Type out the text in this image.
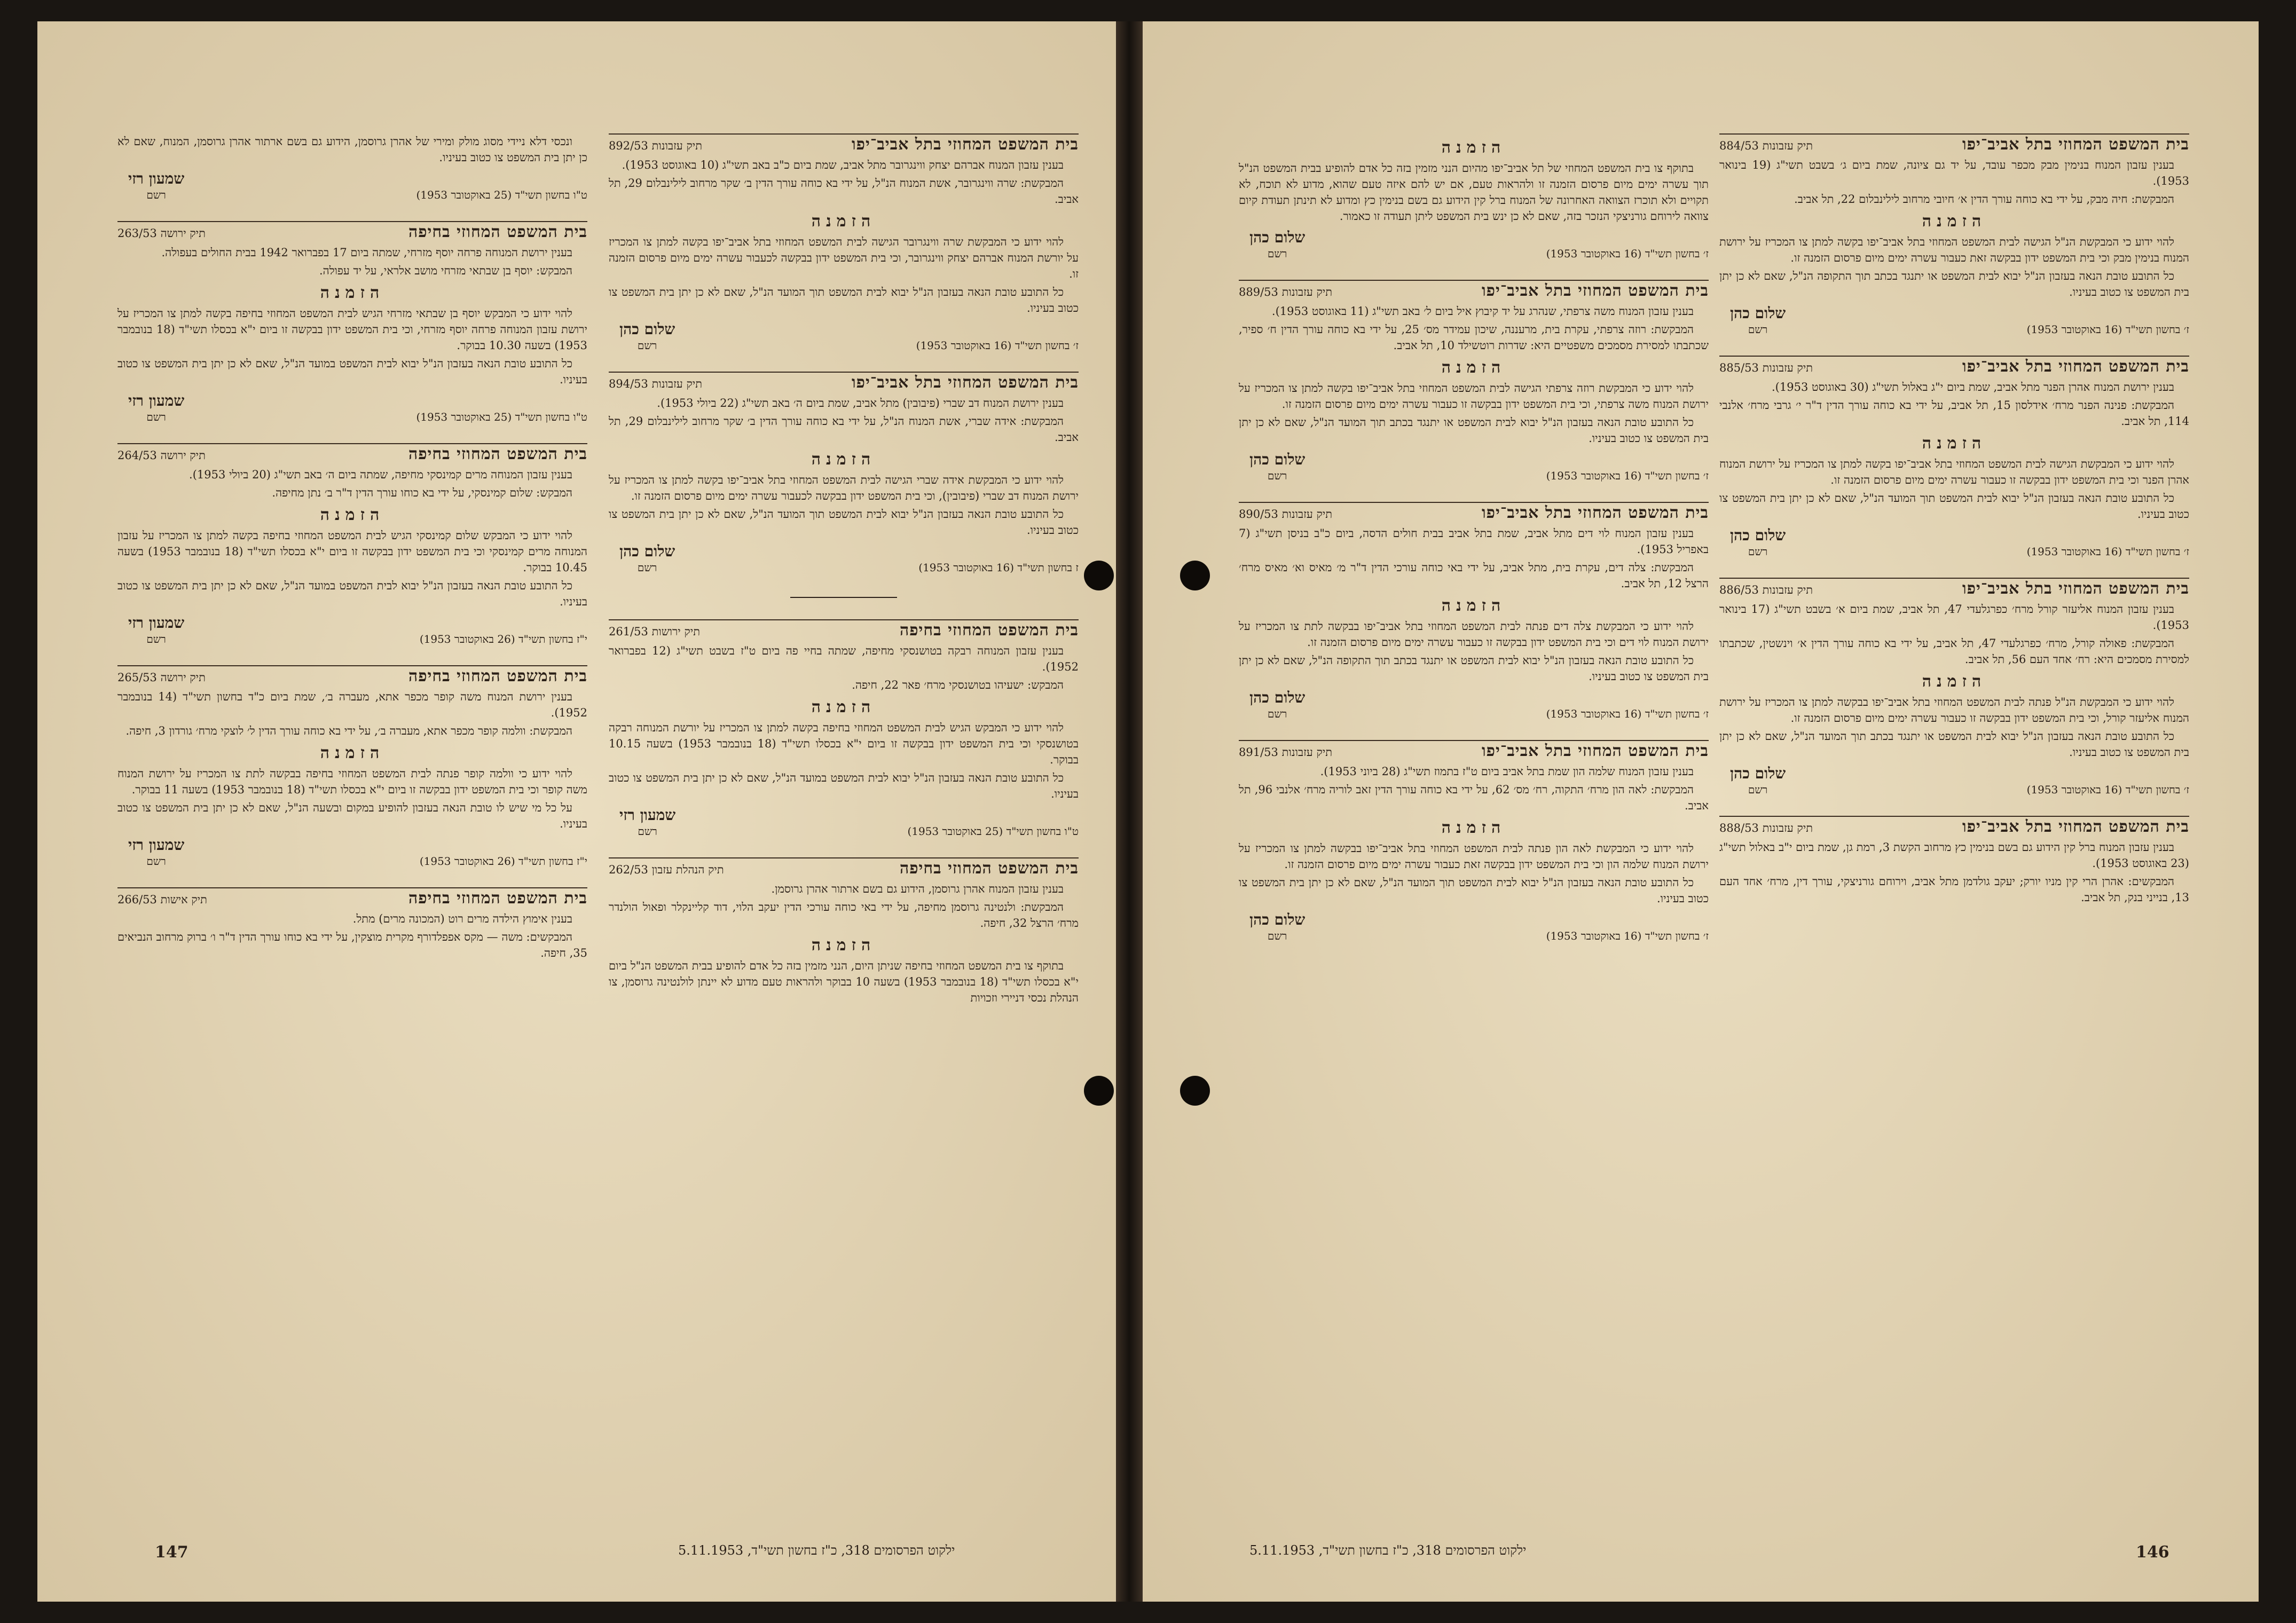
בית המשפט המחוזי בתל אביב־יפו
תיק עזבונות 892/53

בענין עזבון המנוח אברהם יצחק ווינגרובר מתל אביב, שמת ביום כ"ב באב תשי"ג (10 באוגוסט 1953).

המבקשת: שרה ווינגרובר, אשת המנוח הנ"ל, על ידי בא כוחה עורך הדין ב׳ שקר מרחוב לילינבלום 29, תל אביב.

הזמנה

להוי ידוע כי המבקשת שרה ווינגרובר הגישה לבית המשפט המחוזי בתל אביב־יפו בקשה למתן צו המכריז על יורשת המנוח אברהם יצחק ווינגרובר, וכי בית המשפט ידון בבקשה לכעבור עשרה ימים מיום פרסום הזמנה זו.

כל התובע טובת הנאה בעזבון הנ"ל יבוא לבית המשפט תוך המועד הנ"ל, שאם לא כן יתן בית המשפט צו כטוב בעיניו.

ז׳ בחשון תשי"ד (16 באוקטובר 1953)
שלום כהן
רשם
בית המשפט המחוזי בתל אביב־יפו
תיק עזבונות 894/53

בענין ירושת המנוח דב שברי (פיבובין) מתל אביב, שמת ביום ה׳ באב תשי"ג (22 ביולי 1953).

המבקשת: אידה שברי, אשת המנוח הנ"ל, על ידי בא כוחה עורך הדין ב׳ שקר מרחוב לילינבלום 29, תל אביב.

הזמנה

להוי ידוע כי המבקשת אידה שברי הגישה לבית המשפט המחוזי בתל אביב־יפו בקשה למתן צו המכריז על ירושת המנוח דב שברי (פיבובין), וכי בית המשפט ידון בבקשה לכעבור עשרה ימים מיום פרסום הזמנה זו.

כל התובע טובת הנאה בעזבון הנ"ל יבוא לבית המשפט תוך המועד הנ"ל, שאם לא כן יתן בית המשפט צו כטוב בעיניו.

ז בחשון תשי"ד (16 באוקטובר 1953)
שלום כהן
רשם
בית המשפט המחוזי בחיפה
תיק ירושות 261/53

בענין עזבון המנוחה רבקה בטושנסקי מחיפה, שמתה בחיי פה ביום ט"ז בשבט תשי"ג (12 בפברואר 1952).

המבקש: ישעיהו בטושנסקי מרח׳ פאר 22, חיפה.

הזמנה

להוי ידוע כי המבקש הגיש לבית המשפט המחוזי בחיפה בקשה למתן צו המכריז על יורשת המנוחה רבקה בטושנסקי וכי בית המשפט ידון בבקשה זו ביום י"א בכסלו תשי"ד (18 בנובמבר 1953) בשעה 10.15 בבוקר.

כל התובע טובת הנאה בעזבון הנ"ל יבוא לבית המשפט במועד הנ"ל, שאם לא כן יתן בית המשפט צו כטוב בעיניו.

ט"ו בחשון תשי"ד (25 באוקטובר 1953)
שמעון רזי
רשם
בית המשפט המחוזי בחיפה
תיק הנהלת עזבון 262/53

בענין עזבון המנוח אהרן גרוסמן, הידוע גם בשם ארתור אהרן גרוסמן.

המבקשת: ולנטינה גרוסמן מחיפה, על ידי באי כוחה עורכי הדין יעקב הלוי, דוד קליינקלר ופאול הולנדר מרח׳ הרצל 32, חיפה.

הזמנה

בתוקף צו בית המשפט המחוזי בחיפה שניתן היום, הנני מזמין בזה כל אדם להופיע בבית המשפט הנ"ל ביום י"א בכסלו תשי"ד (18 בנובמבר 1953) בשעה 10 בבוקר ולהראות טעם מדוע לא יינתן לולנטינה גרוסמן, צו הנהלת נכסי דניירי וזכויות

ונכסי דלא ניידי מסוג מולק ומירי של אהרן גרוסמן, הידוע גם בשם ארתור אהרן גרוסמן, המנוח, שאם לא כן יתן בית המשפט צו כטוב בעיניו.

ט"ו בחשון תשי"ד (25 באוקטובר 1953)
שמעון רזי
רשם
בית המשפט המחוזי בחיפה
תיק ירושה 263/53

בענין ירושת המנוחה פרחה יוסף מזרחי, שמתה ביום 17 בפברואר 1942 בבית החולים בעפולה.

המבקש: יוסף בן שבתאי מזרחי מושב אלראי, על יד עפולה.

הזמנה

להוי ידוע כי המבקש יוסף בן שבתאי מזרחי הגיש לבית המשפט המחוזי בחיפה בקשה למתן צו המכריז על ירושת עזבון המנוחה פרחה יוסף מזרחי, וכי בית המשפט ידון בבקשה זו ביום י"א בכסלו תשי"ד (18 בנובמבר 1953) בשעה 10.30 בבוקר.

כל התובע טובת הנאה בעזבון הנ"ל יבוא לבית המשפט במועד הנ"ל, שאם לא כן יתן בית המשפט צו כטוב בעיניו.

ט"ו בחשון תשי"ד (25 באוקטובר 1953)
שמעון רזי
רשם
בית המשפט המחוזי בחיפה
תיק ירושה 264/53

בענין עזבון המנוחה מרים קמינסקי מחיפה, שמתה ביום ה׳ באב תשי"ג (20 ביולי 1953).

המבקש: שלום קמינסקי, על ידי בא כוחו עורך הדין ד"ר ב׳ נתן מחיפה.

הזמנה

להוי ידוע כי המבקש שלום קמינסקי הגיש לבית המשפט המחוזי בחיפה בקשה למתן צו המכריז על עזבון המנוחה מרים קמינסקי וכי בית המשפט ידון בבקשה זו ביום י"א בכסלו תשי"ד (18 בנובמבר 1953) בשעה 10.45 בבוקר.

כל התובע טובת הנאה בעזבון הנ"ל יבוא לבית המשפט במועד הנ"ל, שאם לא כן יתן בית המשפט צו כטוב בעיניו.

י"ז בחשון תשי"ד (26 באוקטובר 1953)
שמעון רזי
רשם
בית המשפט המחוזי בחיפה
תיק ירושה 265/53

בענין ירושת המנוח משה קופר מכפר אתא, מעברה ב׳, שמת ביום כ"ד בחשון תשי"ד (14 בנובמבר 1952).

המבקשת: וולמה קופר מכפר אתא, מעברה ב׳, על ידי בא כוחה עורך הדין ל׳ לוצקי מרח׳ גורדון 3, חיפה.

הזמנה

להוי ידוע כי וולמה קופר פנתה לבית המשפט המחוזי בחיפה בבקשה לתת צו המכריז על ירושת המנוח משה קופר וכי בית המשפט ידון בבקשה זו ביום י"א בכסלו תשי"ד (18 בנובמבר 1953) בשעה 11 בבוקר.

על כל מי שיש לו טובת הנאה בעזבון להופיע במקום ובשעה הנ"ל, שאם לא כן יתן בית המשפט צו כטוב בעיניו.

י"ז בחשון תשי"ד (26 באוקטובר 1953)
שמעון רזי
רשם
בית המשפט המחוזי בחיפה
תיק אישות 266/53

בענין אימוץ הילדה מרים רוט (המכונה מרים) מתל.

המבקשים: משה — מקס אפפלדורף מקרית מוצקין, על ידי בא כוחו עורך הדין ד"ר ו׳ ברוק מרחוב הנביאים 35, חיפה.

147	ילקוט הפרסומים 318, כ"ז בחשון תשי"ד, 5.11.1953
בית המשפט המחוזי בתל אביב־יפו
תיק עזבונות 884/53

בענין עזבון המנוח בנימין מבק מכפר עובד, על יד גם ציונה, שמת ביום ג׳ בשבט תשי"ג (19 בינואר 1953).

המבקשת: חיה מבק, על ידי בא כוחה עורך הדין א׳ חיובי מרחוב לילינבלום 22, תל אביב.

הזמנה

להוי ידוע כי המבקשת הנ"ל הגישה לבית המשפט המחוזי בתל אביב־יפו בקשה למתן צו המכריז על ירושת המנוח בנימין מבק וכי בית המשפט ידון בבקשה זאת כעבור עשרה ימים מיום פרסום הזמנה זו.

כל התובע טובת הנאה בעזבון הנ"ל יבוא לבית המשפט או יתנגד בכתב תוך התקופה הנ"ל, שאם לא כן יתן בית המשפט צו כטוב בעיניו.

ז׳ בחשון תשי"ד (16 באוקטובר 1953)
שלום כהן
רשם
בית המשפט המחוזי בתל אביב־יפו
תיק עזבונות 885/53

בענין ירושת המנוח אהרן הפנר מתל אביב, שמת ביום י"ג באלול תשי"ג (30 באוגוסט 1953).

המבקשת: פנינה הפנר מרח׳ אידלסון 15, תל אביב, על ידי בא כוחה עורך הדין ד"ר י׳ גרבי מרח׳ אלנבי 114, תל אביב.

הזמנה

להוי ידוע כי המבקשת הגישה לבית המשפט המחוזי בתל אביב־יפו בקשה למתן צו המכריז על ירושת המנוח אהרן הפנר וכי בית המשפט ידון בבקשה זו כעבור עשרה ימים מיום פרסום הזמנה זו.

כל התובע טובת הנאה בעזבון הנ"ל יבוא לבית המשפט תוך המועד הנ"ל, שאם לא כן יתן בית המשפט צו כטוב בעיניו.

ז׳ בחשון תשי"ד (16 באוקטובר 1953)
שלום כהן
רשם
בית המשפט המחוזי בתל אביב־יפו
תיק עזבונות 886/53

בענין עזבון המנוח אליעזר קורל מרח׳ כפרגלעדי 47, תל אביב, שמת ביום א׳ בשבט תשי"ג (17 בינואר 1953).

המבקשת: פאולה קורל, מרח׳ כפרגלעדי 47, תל אביב, על ידי בא כוחה עורך הדין א׳ וינשטין, שכתבתו למסירת מסמכים היא: רח׳ אחד העם 56, תל אביב.

הזמנה

להוי ידוע כי המבקשת הנ"ל פנתה לבית המשפט המחוזי בתל אביב־יפו בבקשה למתן צו המכריז על ירושת המנוח אליעזר קורל, וכי בית המשפט ידון בבקשה זו כעבור עשרה ימים מיום פרסום הזמנה זו.

כל התובע טובת הנאה בעזבון הנ"ל יבוא לבית המשפט או יתנגד בכתב תוך המועד הנ"ל, שאם לא כן יתן בית המשפט צו כטוב בעיניו.

ז׳ בחשון תשי"ד (16 באוקטובר 1953)
שלום כהן
רשם
בית המשפט המחוזי בתל אביב־יפו
תיק עזבונות 888/53

בענין עזבון המנוח ברל קין הידוע גם בשם בנימין כץ מרחוב הקשת 3, רמת גן, שמת ביום י"ב באלול תשי"ג (23 באוגוסט 1953).

המבקשים: אהרן הרי קין מניו יורק; יעקב גולדמן מתל אביב, וירוחם גורניצקי, עורך דין, מרח׳ אחד העם 13, בנייני בנק, תל אביב.

הזמנה

בתוקף צו בית המשפט המחוזי של תל אביב־יפו מהיום הנני מזמין בזה כל אדם להופיע בבית המשפט הנ"ל תוך עשרה ימים מיום פרסום הזמנה זו ולהראות טעם, אם יש להם איזה טעם שהוא, מדוע לא תוכח, לא תקויים ולא תוכרז הצוואה האחרונה של המנוח ברל קין הידוע גם בשם בנימין כץ ומדוע לא תינתן תעודת קיום צוואה לירוחם גורניצקי הנזכר בזה, שאם לא כן ינש בית המשפט ליתן תעודה זו כאמור.

ז׳ בחשון תשי"ד (16 באוקטובר 1953)
שלום כהן
רשם
בית המשפט המחוזי בתל אביב־יפו
תיק עזבונות 889/53

בענין עזבון המנוח משה צרפתי, שנהרג על יד קיבוץ איל ביום ל׳ באב תשי"ג (11 באוגוסט 1953).

המבקשת: רוזה צרפתי, עקרת בית, מרעננה, שיכון עמידר מס׳ 25, על ידי בא כוחה עורך הדין ח׳ ספיר, שכתבתו למסירת מסמכים משפטיים היא: שדרות רוטשילד 10, תל אביב.

הזמנה

להוי ידוע כי המבקשת רוזה צרפתי הגישה לבית המשפט המחוזי בתל אביב־יפו בקשה למתן צו המכריז על ירושת המנוח משה צרפתי, וכי בית המשפט ידון בבקשה זו כעבור עשרה ימים מיום פרסום הזמנה זו.

כל התובע טובת הנאה בעזבון הנ"ל יבוא לבית המשפט או יתנגד בכתב תוך המועד הנ"ל, שאם לא כן יתן בית המשפט צו כטוב בעיניו.

ז׳ בחשון תשי"ד (16 באוקטובר 1953)
שלום כהן
רשם
בית המשפט המחוזי בתל אביב־יפו
תיק עזבונות 890/53

בענין עזבון המנוח לוי דים מתל אביב, שמת בתל אביב בבית חולים הדסה, ביום כ"ב בניסן תשי"ג (7 באפריל 1953).

המבקשת: צלה דים, עקרת בית, מתל אביב, על ידי באי כוחה עורכי הדין ד"ר מ׳ מאיס וא׳ מאיס מרח׳ הרצל 12, תל אביב.

הזמנה

להוי ידוע כי המבקשת צלה דים פנתה לבית המשפט המחוזי בתל אביב־יפו בבקשה לתת צו המכריז על ירושת המנוח לוי דים וכי בית המשפט ידון בבקשה זו כעבור עשרה ימים מיום פרסום הזמנה זו.

כל התובע טובת הנאה בעזבון הנ"ל יבוא לבית המשפט או יתנגד בכתב תוך התקופה הנ"ל, שאם לא כן יתן בית המשפט צו כטוב בעיניו.

ז׳ בחשון תשי"ד (16 באוקטובר 1953)
שלום כהן
רשם
בית המשפט המחוזי בתל אביב־יפו
תיק עזבונות 891/53

בענין עזבון המנוח שלמה הון שמת בתל אביב ביום ט"ז בתמוז תשי"ג (28 ביוני 1953).

המבקשת: לאה הון מרח׳ התקוה, רח׳ מס׳ 62, על ידי בא כוחה עורך הדין זאב לוריה מרח׳ אלנבי 96, תל אביב.

הזמנה

להוי ידוע כי המבקשת לאה הון פנתה לבית המשפט המחוזי בתל אביב־יפו בבקשה למתן צו המכריז על ירושת המנוח שלמה הון וכי בית המשפט ידון בבקשה זאת כעבור עשרה ימים מיום פרסום הזמנה זו.

כל התובע טובת הנאה בעזבון הנ"ל יבוא לבית המשפט תוך המועד הנ"ל, שאם לא כן יתן בית המשפט צו כטוב בעיניו.

ז׳ בחשון תשי"ד (16 באוקטובר 1953)
שלום כהן
רשם
ילקוט הפרסומים 318, כ"ז בחשון תשי"ד, 5.11.1953	146
